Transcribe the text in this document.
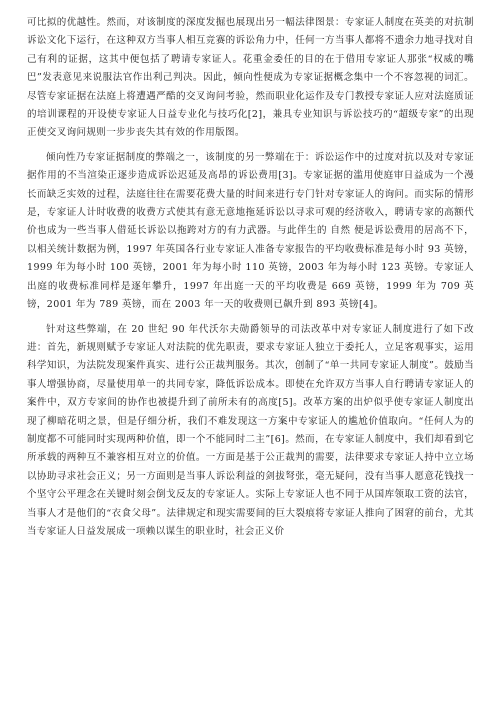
可比拟的优越性。然而，对该制度的深度发掘也展现出另一幅法律图景：专家证人制度在英美的对抗制诉讼文化下运行，在这种双方当事人相互竞赛的诉讼角力中，任何一方当事人都将不遗余力地寻找对自己有利的证据，这其中便包括了聘请专家证人。花重金委任的目的在于借用专家证人那张“权威的嘴巴”发表意见来说服法官作出利己判决。因此，倾向性便成为专家证据概念集中一个不容忽视的词汇。尽管专家证据在法庭上将遭遇严酷的交叉询问考验，然而职业化运作及专门教授专家证人应对法庭质证的培训课程的开设使专家证人日益专业化与技巧化[2]，兼具专业知识与诉讼技巧的“超级专家”的出现正使交叉询问规则一步步丧失其有效的作用版图。

倾向性乃专家证据制度的弊端之一，该制度的另一弊端在于：诉讼运作中的过度对抗以及对专家证据作用的不当渲染正逐步造成诉讼迟延及高昂的诉讼费用[3]。专家证据的滥用使庭审日益成为一个漫长而缺乏实效的过程，法庭往往在需要花费大量的时间来进行专门针对专家证人的询问。而实际的情形是，专家证人计时收费的收费方式使其有意无意地拖延诉讼以寻求可观的经济收入，聘请专家的高额代价也成为一些当事人借延长诉讼以拖跨对方的有力武器。与此伴生的 自然 便是诉讼费用的居高不下，以相关统计数据为例，1997 年英国各行业专家证人准备专家报告的平均收费标准是每小时 93 英镑，1999 年为每小时 100 英镑，2001 年为每小时 110 英镑，2003 年为每小时 123 英镑。专家证人出庭的收费标准同样是逐年攀升，1997 年出庭一天的平均收费是 669 英镑，1999 年为 709 英镑，2001 年为 789 英镑，而在 2003 年一天的收费则已飙升到 893 英镑[4]。

针对这些弊端，在 20 世纪 90 年代沃尔夫勋爵领导的司法改革中对专家证人制度进行了如下改进：首先，新规则赋予专家证人对法院的优先职责，要求专家证人独立于委托人，立足客观事实，运用科学知识，为法院发现案件真实、进行公正裁判服务。其次，创制了“单一共同专家证人制度”。鼓励当事人增强协商，尽量使用单一的共同专家，降低诉讼成本。即使在允许双方当事人自行聘请专家证人的案件中，双方专家间的协作也被提升到了前所未有的高度[5]。改革方案的出炉似乎使专家证人制度出现了柳暗花明之景，但是仔细分析，我们不难发现这一方案中专家证人的尴尬价值取向。“任何人为的制度都不可能同时实现两种价值，即一个不能同时二主”[6]。然而，在专家证人制度中，我们却看到它所承载的两种互不兼容相互对立的价值。一方面是基于公正裁判的需要，法律要求专家证人持中立立场以协助寻求社会正义；另一方面则是当事人诉讼利益的剑拔弩张，毫无疑问，没有当事人愿意花钱找一个坚守公平理念在关键时刻会倒戈反友的专家证人。实际上专家证人也不同于从国库领取工资的法官，当事人才是他们的“衣食父母”。法律规定和现实需要间的巨大裂痕将专家证人推向了困窘的前台，尤其当专家证人日益发展成一项赖以谋生的职业时，社会正义价
